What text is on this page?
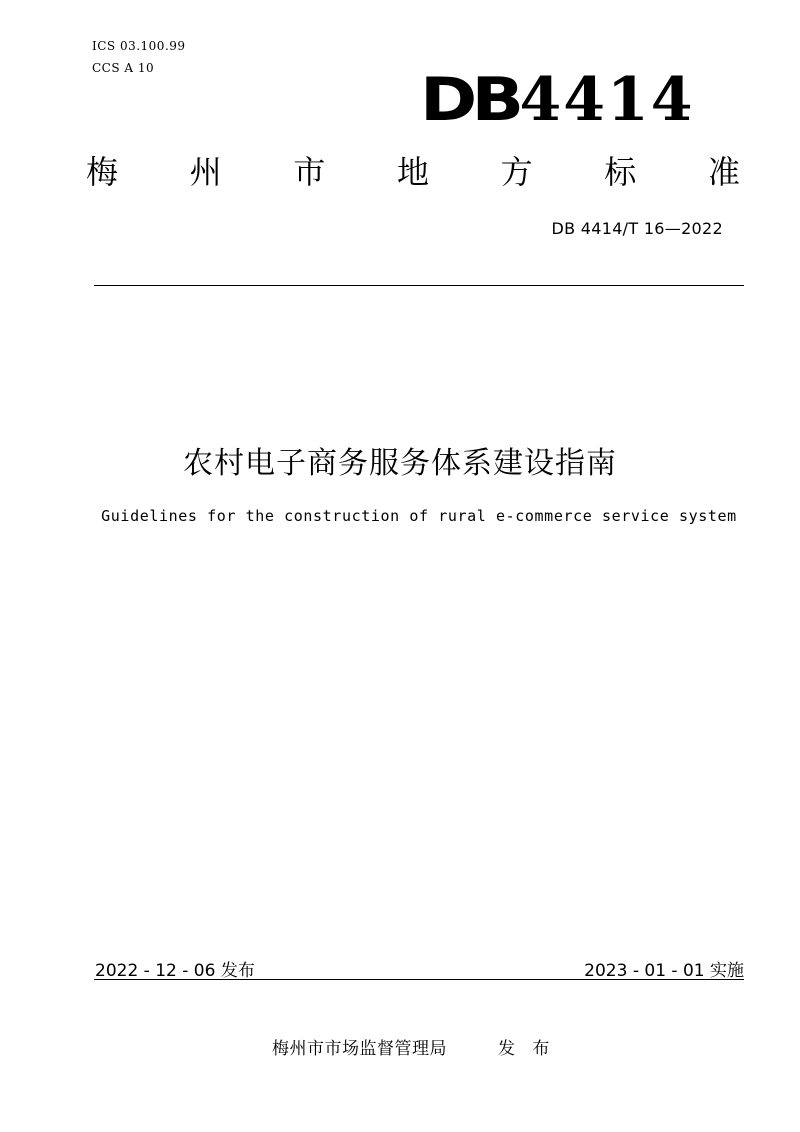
ICS 03.100.99
CCS A 10	DB 4414
梅 州 市 地 方 标 准
DB 4414/T 16—2022
农村电子商务服务体系建设指南
Guidelines for the construction of rural e-commerce service system
2022 - 12 - 06 发布	2023 - 01 - 01 实施
梅州市市场监督管理局	发 布
